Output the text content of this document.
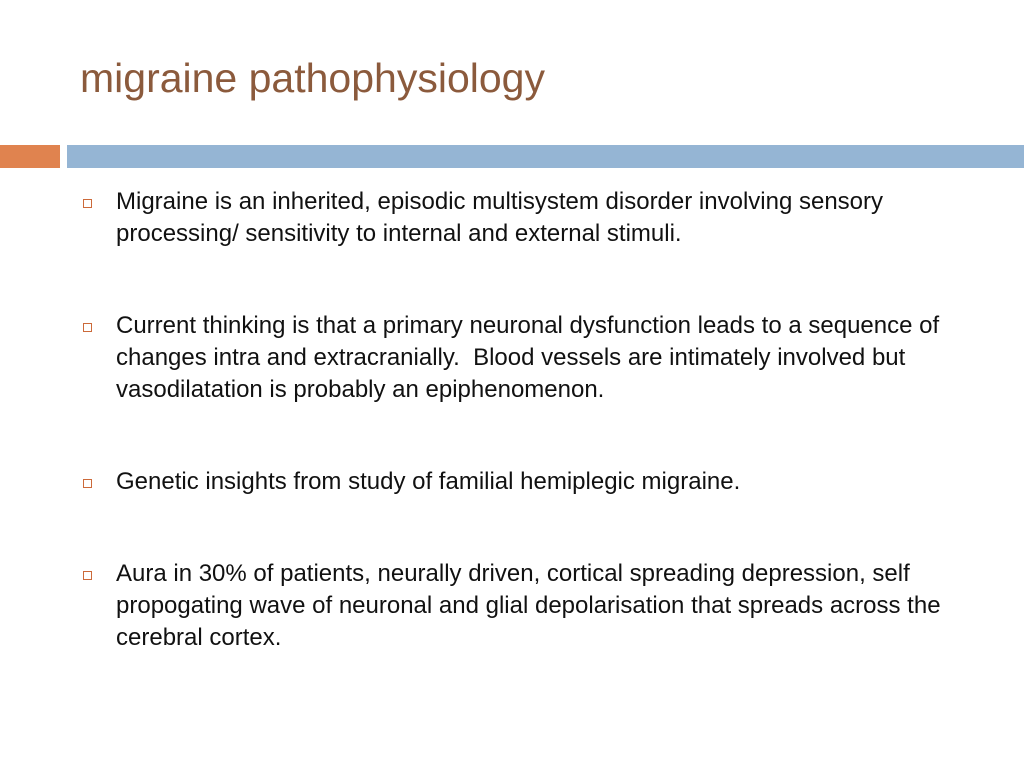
migraine pathophysiology
Migraine is an inherited, episodic multisystem disorder involving sensory processing/ sensitivity to internal and external stimuli.
Current thinking is that a primary neuronal dysfunction leads to a sequence of changes intra and extracranially.  Blood vessels are intimately involved but vasodilatation is probably an epiphenomenon.
Genetic insights from study of familial hemiplegic migraine.
Aura in 30% of patients, neurally driven, cortical spreading depression, self propogating wave of neuronal and glial depolarisation that spreads across the cerebral cortex.
